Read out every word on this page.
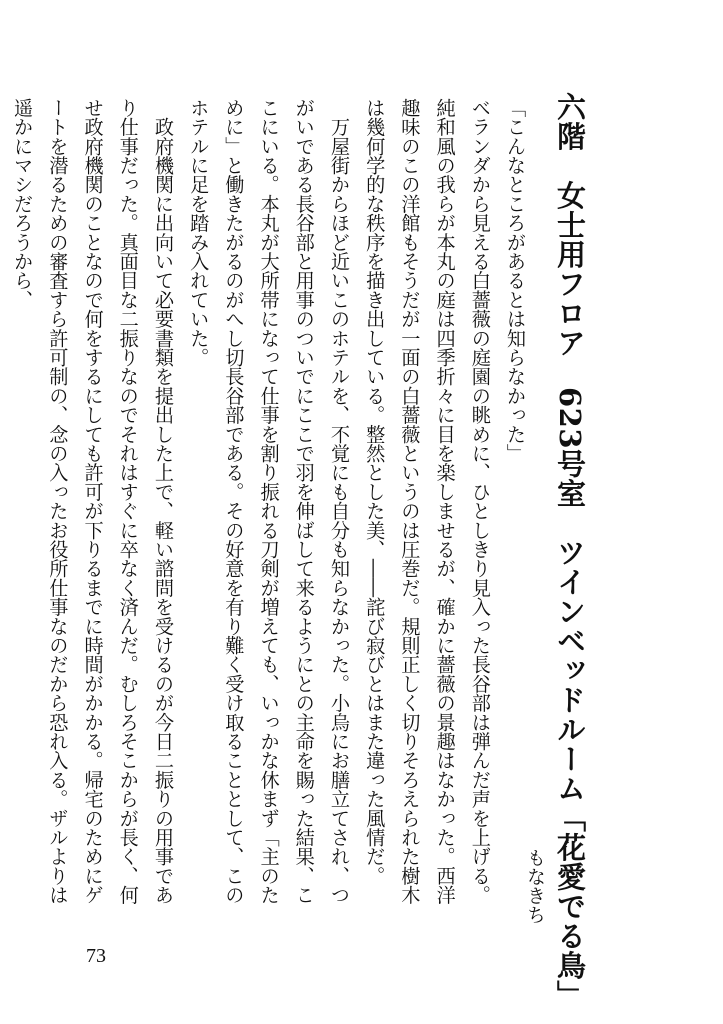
六階　女士用フロア　623号室　ツインベッドルーム「花愛でる鳥」
もなきち

「こんなところがあるとは知らなかった」

ベランダから見える白薔薇の庭園の眺めに、ひとしきり見入った長谷部は弾んだ声を上げる。純和風の我らが本丸の庭は四季折々に目を楽しませるが、確かに薔薇の景趣はなかった。西洋趣味のこの洋館もそうだが一面の白薔薇というのは圧巻だ。規則正しく切りそろえられた樹木は幾何学的な秩序を描き出している。整然とした美、――詫び寂びとはまた違った風情だ。

　万屋街からほど近いこのホテルを、不覚にも自分も知らなかった。小烏にお膳立てされ、つがいである長谷部と用事のついでにここで羽を伸ばして来るようにとの主命を賜った結果、ここにいる。本丸が大所帯になって仕事を割り振れる刀剣が増えても、いっかな休まず「主のために」と働きたがるのがへし切長谷部である。その好意を有り難く受け取ることとして、このホテルに足を踏み入れていた。

　政府機関に出向いて必要書類を提出した上で、軽い諮問を受けるのが今日二振りの用事であり仕事だった。真面目な二振りなのでそれはすぐに卒なく済んだ。むしろそこからが長く、何せ政府機関のことなので何をするにしても許可が下りるまでに時間がかかる。帰宅のためにゲートを潜るための審査すら許可制の、念の入ったお役所仕事なのだから恐れ入る。ザルよりは遥かにマシだろうから、

73
